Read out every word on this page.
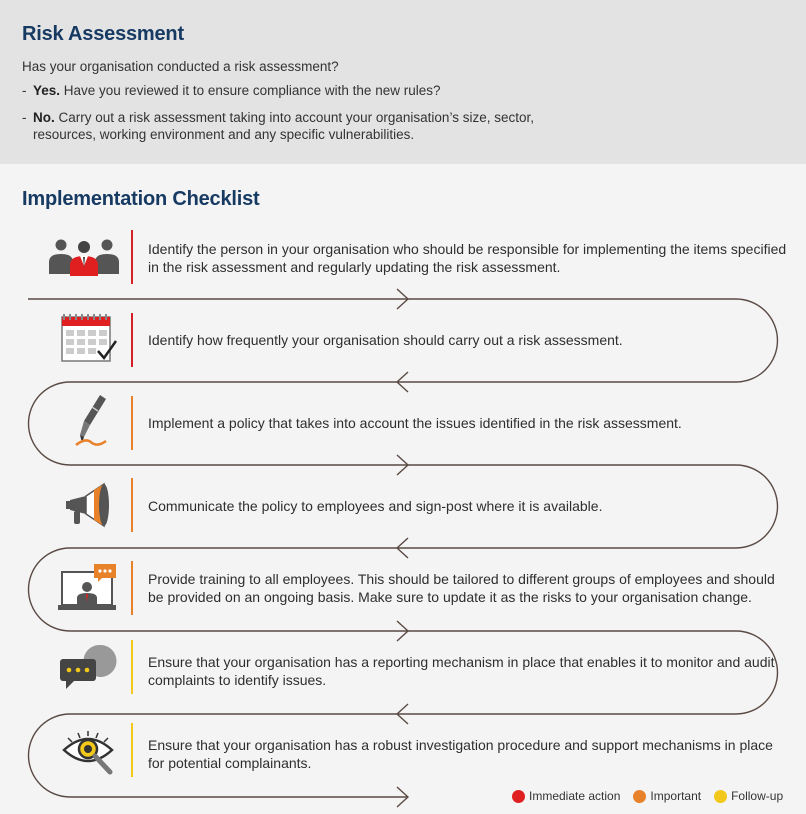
Risk Assessment
Has your organisation conducted a risk assessment?
- Yes. Have you reviewed it to ensure compliance with the new rules?
- No. Carry out a risk assessment taking into account your organisation’s size, sector, resources, working environment and any specific vulnerabilities.
Implementation Checklist
Identify the person in your organisation who should be responsible for implementing the items specified in the risk assessment and regularly updating the risk assessment.
Identify how frequently your organisation should carry out a risk assessment.
Implement a policy that takes into account the issues identified in the risk assessment.
Communicate the policy to employees and sign-post where it is available.
Provide training to all employees. This should be tailored to different groups of employees and should be provided on an ongoing basis. Make sure to update it as the risks to your organisation change.
Ensure that your organisation has a reporting mechanism in place that enables it to monitor and audit complaints to identify issues.
Ensure that your organisation has a robust investigation procedure and support mechanisms in place for potential complainants.
Immediate action	Important	Follow-up
